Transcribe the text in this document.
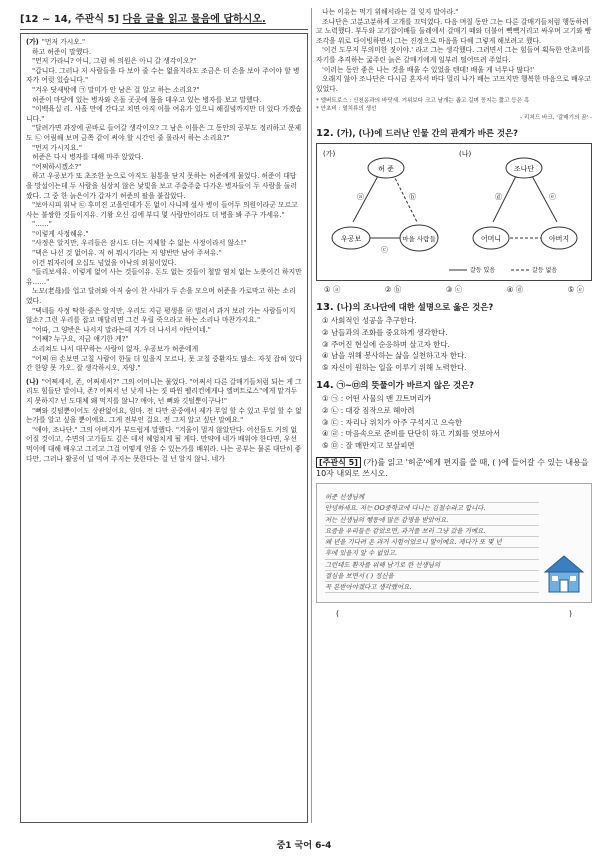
[12 ~ 14, 주관식 5] 다음 글을 읽고 물음에 답하시오.
(가) "먼저 가시오."

하고 허준이 말했다.

"먼저 가라니? 아니, 그럼 허 의원은 아니 갈 생각이오?"

"갑니다. 그러나 저 사람들을 다 보아 줄 수는 없을지라도 조금은 더 손을 보아 주어야 할 병자가 여럿 있습니다."

"겨우 닷새밖에 ㉠ 말미가 안 남은 걸 알고 하는 소리요?"

허준이 마당에 있는 병자와 온돌 곳곳에 몸을 데우고 있는 병자를 보고 말했다.

"이백육십 리. 사흘 만에 간다고 치면 아직 이틀 여유가 있으니 해질녘까지만 더 있다 가겠습니다."

"달려가면 과장에 곧바로 들어갈 생각이오? 그 남은 이틀은 그 동안의 공부도 정리하고 문제도 ㉡ 어림해 보며 금쪽 같이 써야 할 시간인 줄 몰라서 하는 소리요?"

"먼저 가시지요."

허준은 다시 병자를 대해 마주 앉았다.

"어쩌하시겠소?"

하고 우공보가 또 초조한 눈으로 아직도 침통을 닫지 못하는 허준에게 물었다. 허준이 대답을 망설이는데 두 사람을 심상치 않은 낯빛을 보고 주춤주춤 다가온 병자들이 두 사람을 둘러쌌다. 그 중 한 늙은이가 갑자기 허준의 팔을 붙잡았다.

"보아시피 워낙 ㉢ 후미진 고을인데가 돈 없이 사니께 설사 병이 들어두 의원이라군 모르고 사는 불쌍한 것들이지유. 기왕 오신 김에 부디 몇 사람만이라도 더 병을 봐 주구 가세유."

"……"

"이렇게 사정해유."

"사정은 알지만, 우리들은 잠시도 더는 지체할 수 없는 사정이라서 않소!"

"댁은 나선 것 없어유. 저 허 뭐시기라는 저 양반만 남아 주셔유."

이건 뭐자리에 오십도 넘었을 아낙의 외침이었다.

"들리보세유. 이렇게 없어 사는 것들이유. 돈도 없는 것들이 철말 염치 없는 노릇이긴 하지만유……"

노모(老母)를 업고 달려와 아직 숨이 찬 사내가 두 손을 모으며 허준을 가로막고 하는 소리였다.

"댁네들 사정 딱한 줄은 알지만, 우리도 지금 평생을 ㉣ 벌러서 과거 보러 가는 사람들이지 않소? 그런 우리를 잡고 매달리면 그건 우릴 죽으라고 하는 소리나 마찬가지요."

"어따, 그 양반은 나서지 말라는데 지가 더 나서서 야단이네."

"어째? 누구요, 지금 얘기한 게?"

소리쳐도 나서 대꾸하는 사람이 없자, 우공보가 허준에게

"어쩌 ㉤ 손보면 고칠 사람이 한둘 더 있을지 모르나, 못 고칠 중환자도 많소. 자칫 잡혀 있다간 한양 못 가오. 잘 생각하시오, 자양."

(나) "어쩌세서, 존, 어쩌세서?" 그의 어머니는 물었다. "어쩌서 다른 갈매기들처럼 되는 게 그리도 힘들단 말이냐, 존? 어쩌서 넌 낮게 나는 짓 따윈 펠리컨에게나 엘버트로스"에게 맡겨두지 못하지? 넌 도대체 왜 먹지를 않니? 애야, 넌 뼈와 깃털뿐이구나!"

"뼈와 깃털뿐이어도 상관없어요, 엄마. 전 다만 공중에서 제가 무얼 할 수 있고 무얼 할 수 없는가를 알고 싶을 뿐이에요. 그게 전부인 걸요. 전 그저 알고 싶단 말예요."

"애야, 조나단." 그의 아버지가 부드럽게 말했다. "겨울이 멀지 않았단다. 어선들도 거의 없어질 것이고, 수면의 고기들도 깊은 데서 헤엄치게 될 게다. 만약에 네가 배워야 한다면, 우선 먹이에 대해 배우고 그리고 그걸 어떻게 얻을 수 있는가를 배워라. 나는 공부는 물론 대단히 좋다만, 그러나 활공이 널 먹여 주지는 못한다는 걸 넌 알지 않니. 네가

나는 이유는 먹기 위해서라는 걸 잊지 말아라."

조나단은 고분고분하게 고개를 끄덕였다. 다음 며칠 동안 그는 다른 갈매기들처럼 행동하려고 노력했다. 부두와 고기잡이배들 둘레에서 갈매기 떼와 더불어 빽빽거리고 싸우며 고기와 빵조각을 위로 다이빙하면서 그는 진정으로 마음을 다해 그렇게 해보려고 했다.

'이건 도무지 무의미한 짓이야.' 라고 그는 생각했다. 그러면서 그는 힘들여 획득한 안초비를 자기를 추격하는 굶주린 늙은 갈매기에게 일부러 떨어뜨려 주었다.

'이러는 동안 좋은 나는 것을 배울 수 있었을 텐데! 배울 게 너무나 많다!'

오래지 않아 조나단은 다시금 혼자서 바다 멀리 나가 배는 고프지만 행복한 마음으로 배우고 있었다.

* 엘버트로스 : 신천옹과의 바닷새. 거위보다 크고 날개는 좁고 길며 꽁지는 짧고 등은 흑
* 안초비 : 멸치류의 생선
- 리처드 바크, '갈매기의 꿈' -
12. (가), (나)에 드러난 인물 간의 관계가 바른 것은?
(가)	(나)
허 준
우공보	마을 사람들
조나단
어머니	아버지
ⓐ	ⓑ
ⓒ
ⓓ	ⓔ
갈등 있음	갈등 없음
① ⓐ	② ⓑ	③ ⓒ	④ ⓓ	⑤ ⓔ
13. (나)의 조나단에 대한 설명으로 옳은 것은?
① 사회적인 성공을 추구한다.
② 남들과의 조화를 중요하게 생각한다.
③ 주어진 현실에 순응하며 살고자 한다.
④ 남을 위해 봉사하는 삶을 실천하고자 한다.
⑤ 자신이 원하는 일을 이루기 위해 노력한다.
14. ㉠~㉤의 뜻풀이가 바르지 않은 것은?
① ㉠ : 어떤 사물의 맨 끄트머리가
② ㉡ : 대강 짐작으로 헤아려
③ ㉢ : 자리나 위치가 아주 구석지고 으슥한
④ ㉣ : 마음속으로 준비를 단단히 하고 기회를 엿보아서
⑤ ㉤ : 잘 매만지고 보살피면
[주관식 5] (가)를 읽고 '허준'에게 편지를 쓸 때, ( )에 들어갈 수 있는 내용을 10자 내외로 쓰시오.
허준 선생님께
안녕하세요. 저는 OO중학교에 다니는 김철수라고 합니다.
저는 선생님의 행동에 많은 감명을 받았어요.
요즘을 우리들은 같았으면, 과거를 보러 그냥 갔을 거예요.
왜 년을 기다려 온 과거 시험이었으니 말이예요. 게다가 또 몇 년
후에 있을지 알 수 없었고.
그런데도 환자를 위해 남기로 한 선생님의
결심을 보면서 ( ) 정신을
꼭 본받아야겠다고 생각했어요.
(	)
중1 국어 6-4
